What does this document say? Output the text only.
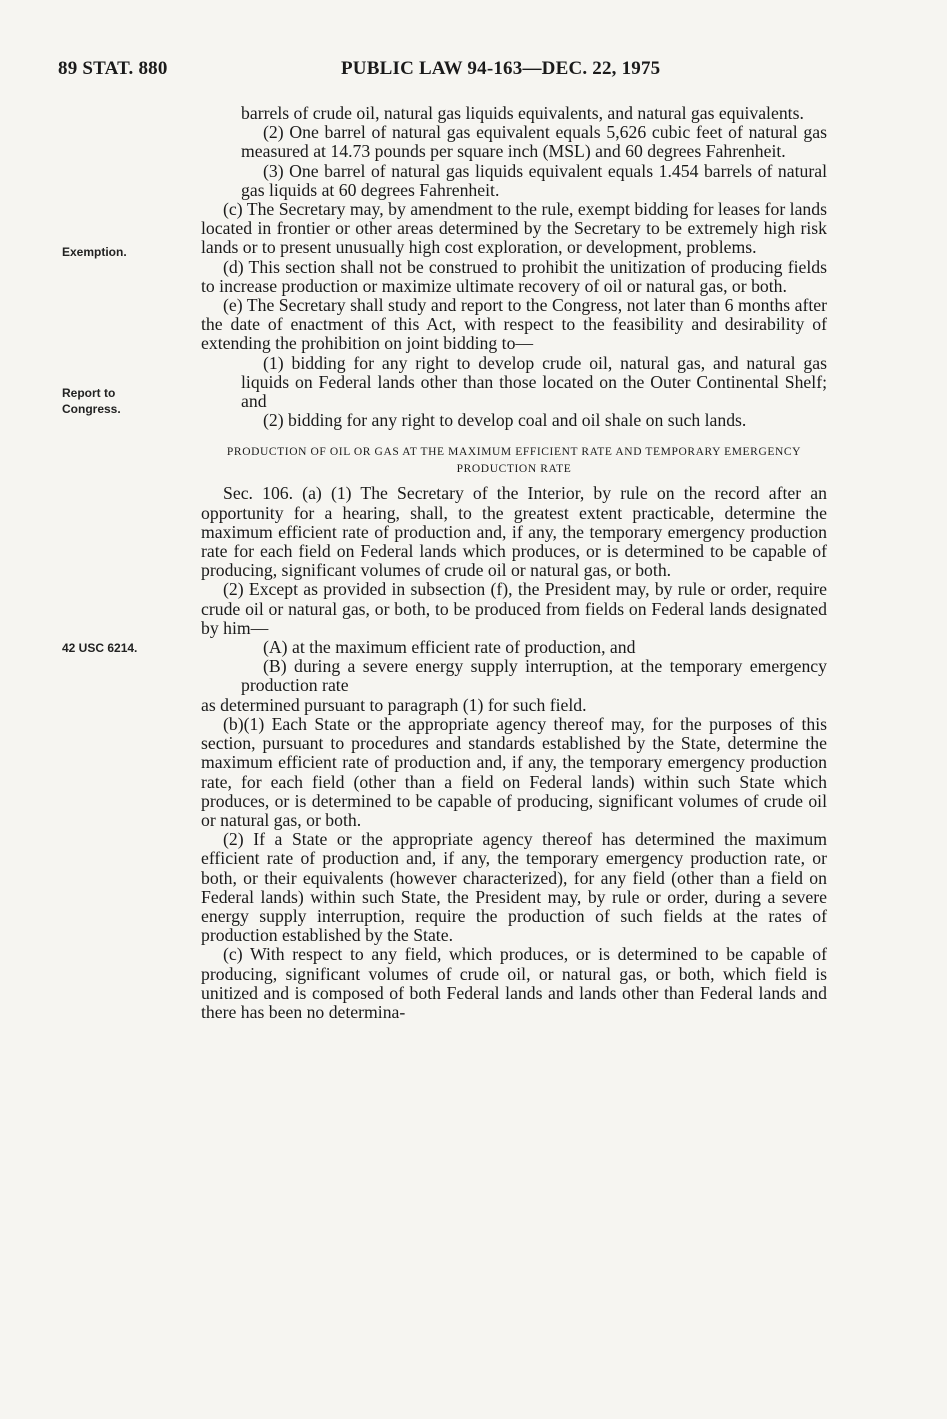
89 STAT. 880	PUBLIC LAW 94-163—DEC. 22, 1975
Exemption.
Report to Congress.
42 USC 6214.

barrels of crude oil, natural gas liquids equivalents, and natural gas equivalents.

(2) One barrel of natural gas equivalent equals 5,626 cubic feet of natural gas measured at 14.73 pounds per square inch (MSL) and 60 degrees Fahrenheit.

(3) One barrel of natural gas liquids equivalent equals 1.454 barrels of natural gas liquids at 60 degrees Fahrenheit.

(c) The Secretary may, by amendment to the rule, exempt bidding for leases for lands located in frontier or other areas determined by the Secretary to be extremely high risk lands or to present unusually high cost exploration, or development, problems.

(d) This section shall not be construed to prohibit the unitization of producing fields to increase production or maximize ultimate recovery of oil or natural gas, or both.

(e) The Secretary shall study and report to the Congress, not later than 6 months after the date of enactment of this Act, with respect to the feasibility and desirability of extending the prohibition on joint bidding to—

(1) bidding for any right to develop crude oil, natural gas, and natural gas liquids on Federal lands other than those located on the Outer Continental Shelf; and

(2) bidding for any right to develop coal and oil shale on such lands.

PRODUCTION OF OIL OR GAS AT THE MAXIMUM EFFICIENT RATE AND TEMPORARY EMERGENCY PRODUCTION RATE

Sec. 106. (a) (1) The Secretary of the Interior, by rule on the record after an opportunity for a hearing, shall, to the greatest extent practicable, determine the maximum efficient rate of production and, if any, the temporary emergency production rate for each field on Federal lands which produces, or is determined to be capable of producing, significant volumes of crude oil or natural gas, or both.

(2) Except as provided in subsection (f), the President may, by rule or order, require crude oil or natural gas, or both, to be produced from fields on Federal lands designated by him—

(A) at the maximum efficient rate of production, and

(B) during a severe energy supply interruption, at the temporary emergency production rate

as determined pursuant to paragraph (1) for such field.

(b)(1) Each State or the appropriate agency thereof may, for the purposes of this section, pursuant to procedures and standards established by the State, determine the maximum efficient rate of production and, if any, the temporary emergency production rate, for each field (other than a field on Federal lands) within such State which produces, or is determined to be capable of producing, significant volumes of crude oil or natural gas, or both.

(2) If a State or the appropriate agency thereof has determined the maximum efficient rate of production and, if any, the temporary emergency production rate, or both, or their equivalents (however characterized), for any field (other than a field on Federal lands) within such State, the President may, by rule or order, during a severe energy supply interruption, require the production of such fields at the rates of production established by the State.

(c) With respect to any field, which produces, or is determined to be capable of producing, significant volumes of crude oil, or natural gas, or both, which field is unitized and is composed of both Federal lands and lands other than Federal lands and there has been no determina-
